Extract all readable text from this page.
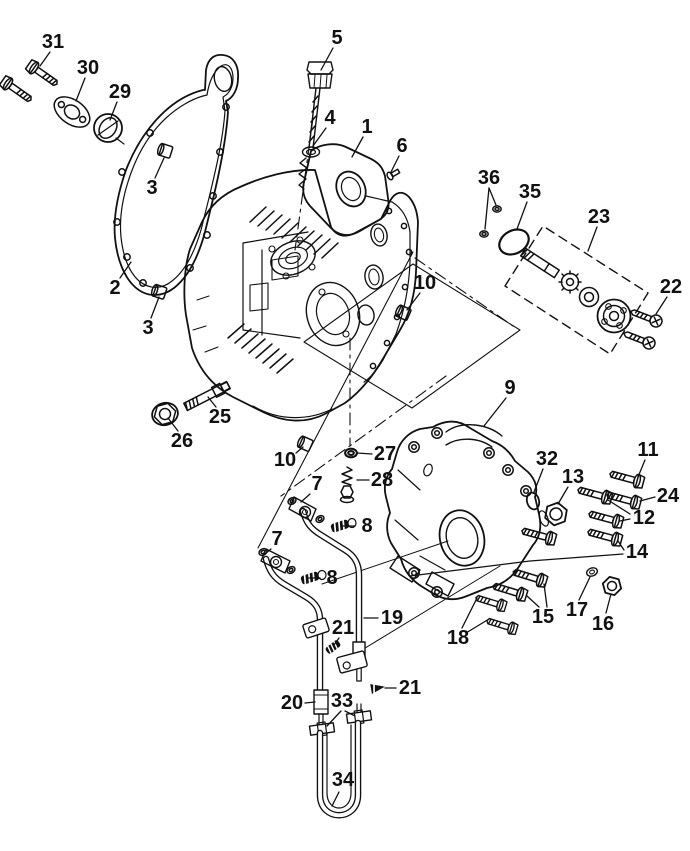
31
30
29
5
4 1
6
3
2
3
36
35
23
22
10
25
26
10	27
28
9
32
13
11
24
12
14
8
7
7
8
19	15 17
16
18
21
21
20 33
34
